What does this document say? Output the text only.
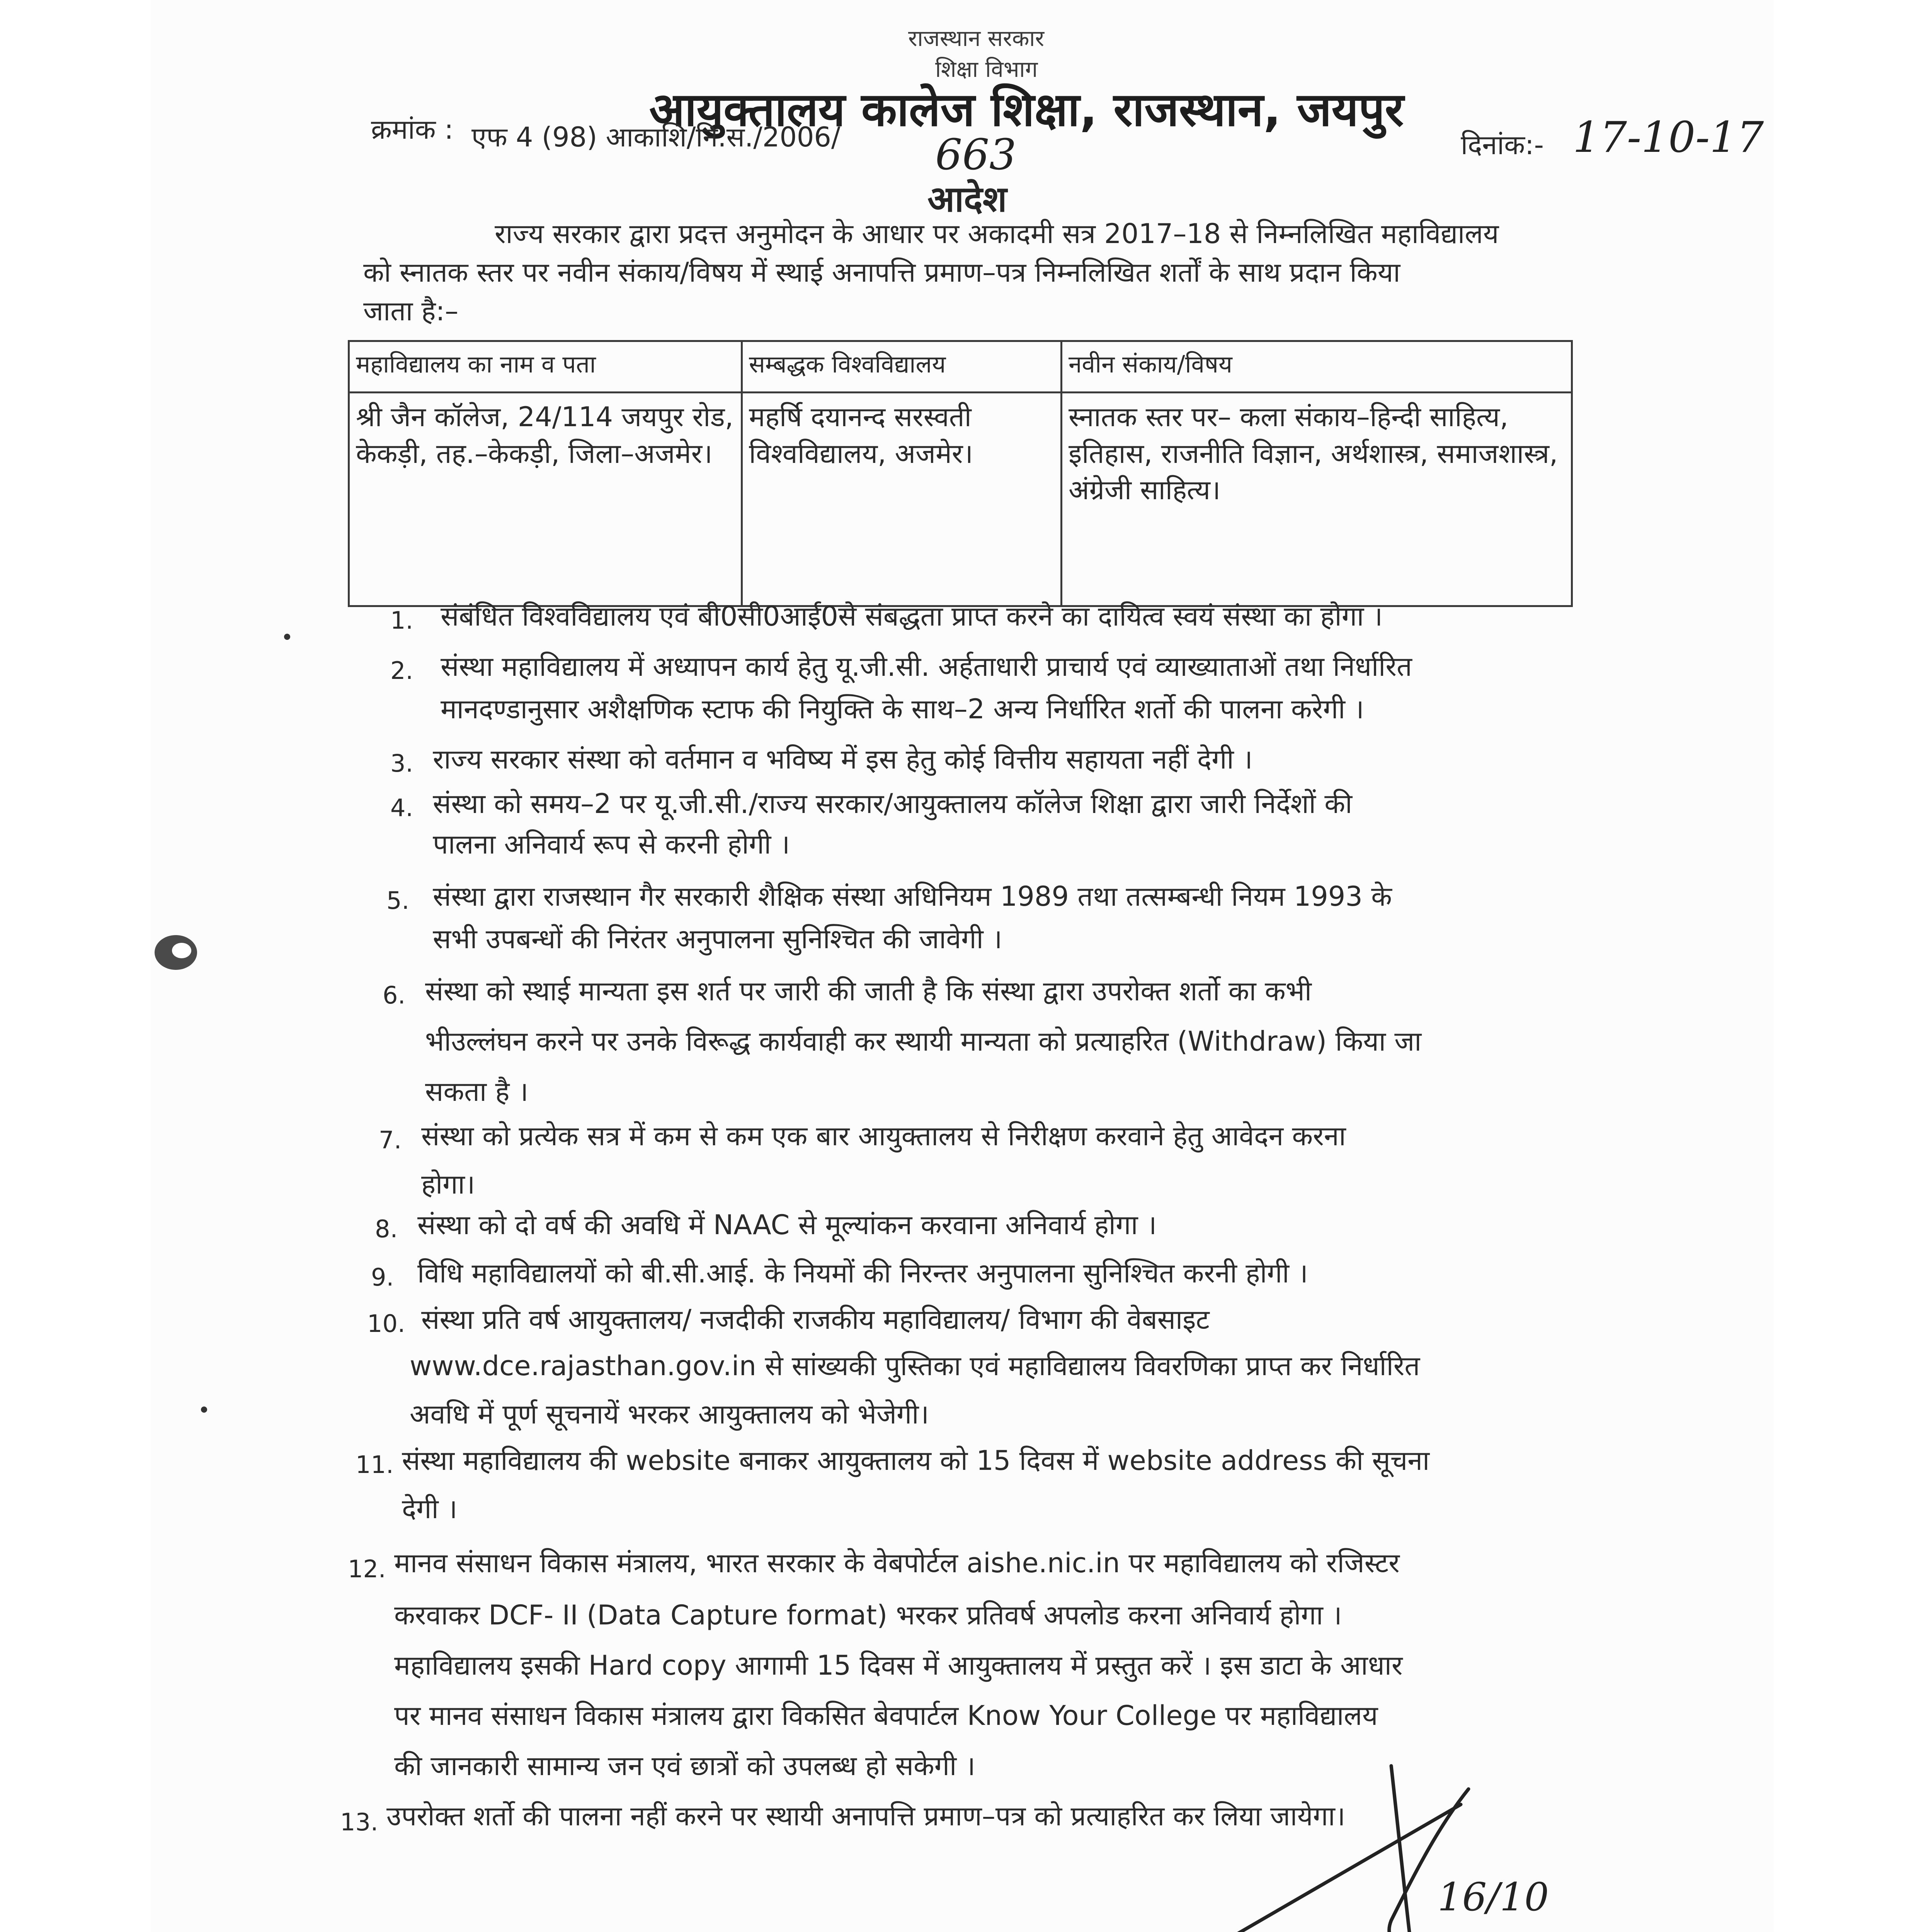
राजस्थान सरकार
शिक्षा विभाग
आयुक्तालय कालेज शिक्षा, राजस्थान, जयपुर
क्रमांक : एफ 4 (98) आकाशि/नि.स./2006/ 663	दिनांक:- 17-10-17
आदेश
राज्य सरकार द्वारा प्रदत्त अनुमोदन के आधार पर अकादमी सत्र 2017–18 से निम्नलिखित महाविद्यालय
को स्नातक स्तर पर नवीन संकाय/विषय में स्थाई अनापत्ति प्रमाण–पत्र निम्नलिखित शर्तों के साथ प्रदान किया
जाता है:–
महाविद्यालय का नाम व पता	सम्बद्धक विश्वविद्यालय	नवीन संकाय/विषय
श्री जैन कॉलेज, 24/114 जयपुर रोड, केकड़ी, तह.–केकड़ी, जिला–अजमेर।	महर्षि दयानन्द सरस्वती विश्वविद्यालय, अजमेर।	स्नातक स्तर पर– कला संकाय–हिन्दी साहित्य, इतिहास, राजनीति विज्ञान, अर्थशास्त्र, समाजशास्त्र, अंग्रेजी साहित्य।
1. संबंधित विश्वविद्यालय एवं बी0सी0आई0से संबद्धता प्राप्त करने का दायित्व स्वयं संस्था का होगा ।
2. संस्था महाविद्यालय में अध्यापन कार्य हेतु यू.जी.सी. अर्हताधारी प्राचार्य एवं व्याख्याताओं तथा निर्धारित
मानदण्डानुसार अशैक्षणिक स्टाफ की नियुक्ति के साथ–2 अन्य निर्धारित शर्तो की पालना करेगी ।
3. राज्य सरकार संस्था को वर्तमान व भविष्य में इस हेतु कोई वित्तीय सहायता नहीं देगी ।
4. संस्था को समय–2 पर यू.जी.सी./राज्य सरकार/आयुक्तालय कॉलेज शिक्षा द्वारा जारी निर्देशों की
पालना अनिवार्य रूप से करनी होगी ।
5. संस्था द्वारा राजस्थान गैर सरकारी शैक्षिक संस्था अधिनियम 1989 तथा तत्सम्बन्धी नियम 1993 के
सभी उपबन्धों की निरंतर अनुपालना सुनिश्चित की जावेगी ।
6. संस्था को स्थाई मान्यता इस शर्त पर जारी की जाती है कि संस्था द्वारा उपरोक्त शर्तो का कभी
भीउल्लंघन करने पर उनके विरूद्ध कार्यवाही कर स्थायी मान्यता को प्रत्याहरित (Withdraw) किया जा
सकता है ।
7. संस्था को प्रत्येक सत्र में कम से कम एक बार आयुक्तालय से निरीक्षण करवाने हेतु आवेदन करना
होगा।
8. संस्था को दो वर्ष की अवधि में NAAC से मूल्यांकन करवाना अनिवार्य होगा ।
9. विधि महाविद्यालयों को बी.सी.आई. के नियमों की निरन्तर अनुपालना सुनिश्चित करनी होगी ।
10. संस्था प्रति वर्ष आयुक्तालय/ नजदीकी राजकीय महाविद्यालय/ विभाग की वेबसाइट
www.dce.rajasthan.gov.in से सांख्यकी पुस्तिका एवं महाविद्यालय विवरणिका प्राप्त कर निर्धारित
अवधि में पूर्ण सूचनायें भरकर आयुक्तालय को भेजेगी।
11. संस्था महाविद्यालय की website बनाकर आयुक्तालय को 15 दिवस में website address की सूचना
देगी ।
12. मानव संसाधन विकास मंत्रालय, भारत सरकार के वेबपोर्टल aishe.nic.in पर महाविद्यालय को रजिस्टर
करवाकर DCF- II (Data Capture format) भरकर प्रतिवर्ष अपलोड करना अनिवार्य होगा ।
महाविद्यालय इसकी Hard copy आगामी 15 दिवस में आयुक्तालय में प्रस्तुत करें । इस डाटा के आधार
पर मानव संसाधन विकास मंत्रालय द्वारा विकसित बेवपार्टल Know Your College पर महाविद्यालय
की जानकारी सामान्य जन एवं छात्रों को उपलब्ध हो सकेगी ।
13. उपरोक्त शर्तो की पालना नहीं करने पर स्थायी अनापत्ति प्रमाण–पत्र को प्रत्याहरित कर लिया जायेगा।
16/10
